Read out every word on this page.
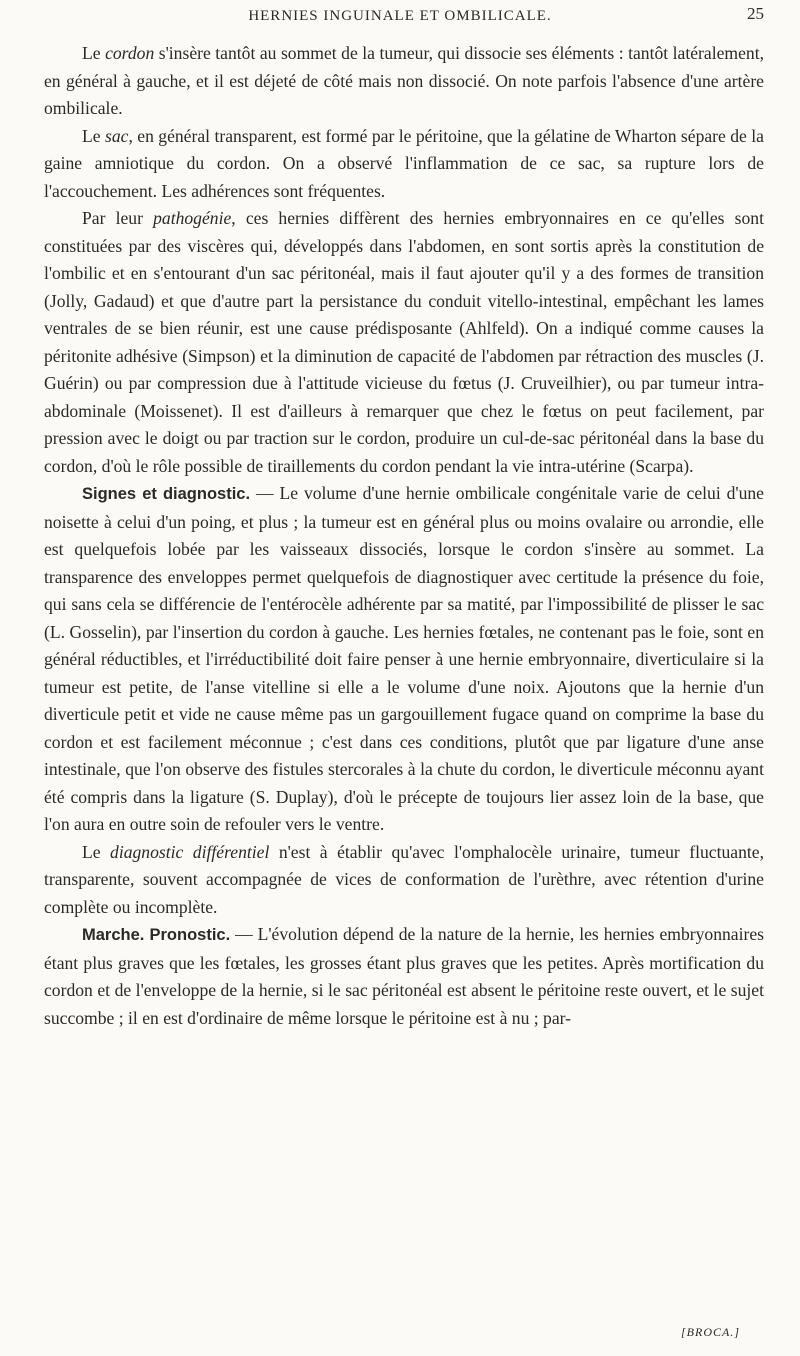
HERNIES INGUINALE ET OMBILICALE.	25

Le cordon s'insère tantôt au sommet de la tumeur, qui dissocie ses éléments : tantôt latéralement, en général à gauche, et il est déjeté de côté mais non dissocié. On note parfois l'absence d'une artère ombilicale.

Le sac, en général transparent, est formé par le péritoine, que la gélatine de Wharton sépare de la gaine amniotique du cordon. On a observé l'inflammation de ce sac, sa rupture lors de l'accouchement. Les adhérences sont fréquentes.

Par leur pathogénie, ces hernies diffèrent des hernies embryonnaires en ce qu'elles sont constituées par des viscères qui, développés dans l'abdomen, en sont sortis après la constitution de l'ombilic et en s'entourant d'un sac péritonéal, mais il faut ajouter qu'il y a des formes de transition (Jolly, Gadaud) et que d'autre part la persistance du conduit vitello-intestinal, empêchant les lames ventrales de se bien réunir, est une cause prédisposante (Ahlfeld). On a indiqué comme causes la péritonite adhésive (Simpson) et la diminution de capacité de l'abdomen par rétraction des muscles (J. Guérin) ou par compression due à l'attitude vicieuse du fœtus (J. Cruveilhier), ou par tumeur intra-abdominale (Moissenet). Il est d'ailleurs à remarquer que chez le fœtus on peut facilement, par pression avec le doigt ou par traction sur le cordon, produire un cul-de-sac péritonéal dans la base du cordon, d'où le rôle possible de tiraillements du cordon pendant la vie intra-utérine (Scarpa).

Signes et diagnostic. — Le volume d'une hernie ombilicale congénitale varie de celui d'une noisette à celui d'un poing, et plus ; la tumeur est en général plus ou moins ovalaire ou arrondie, elle est quelquefois lobée par les vaisseaux dissociés, lorsque le cordon s'insère au sommet. La transparence des enveloppes permet quelquefois de diagnostiquer avec certitude la présence du foie, qui sans cela se différencie de l'entérocèle adhérente par sa matité, par l'impossibilité de plisser le sac (L. Gosselin), par l'insertion du cordon à gauche. Les hernies fœtales, ne contenant pas le foie, sont en général réductibles, et l'irréductibilité doit faire penser à une hernie embryonnaire, diverticulaire si la tumeur est petite, de l'anse vitelline si elle a le volume d'une noix. Ajoutons que la hernie d'un diverticule petit et vide ne cause même pas un gargouillement fugace quand on comprime la base du cordon et est facilement méconnue ; c'est dans ces conditions, plutôt que par ligature d'une anse intestinale, que l'on observe des fistules stercorales à la chute du cordon, le diverticule méconnu ayant été compris dans la ligature (S. Duplay), d'où le précepte de toujours lier assez loin de la base, que l'on aura en outre soin de refouler vers le ventre.

Le diagnostic différentiel n'est à établir qu'avec l'omphalocèle urinaire, tumeur fluctuante, transparente, souvent accompagnée de vices de conformation de l'urèthre, avec rétention d'urine complète ou incomplète.

Marche. Pronostic. — L'évolution dépend de la nature de la hernie, les hernies embryonnaires étant plus graves que les fœtales, les grosses étant plus graves que les petites. Après mortification du cordon et de l'enveloppe de la hernie, si le sac péritonéal est absent le péritoine reste ouvert, et le sujet succombe ; il en est d'ordinaire de même lorsque le péritoine est à nu ; par-

[BROCA.]
